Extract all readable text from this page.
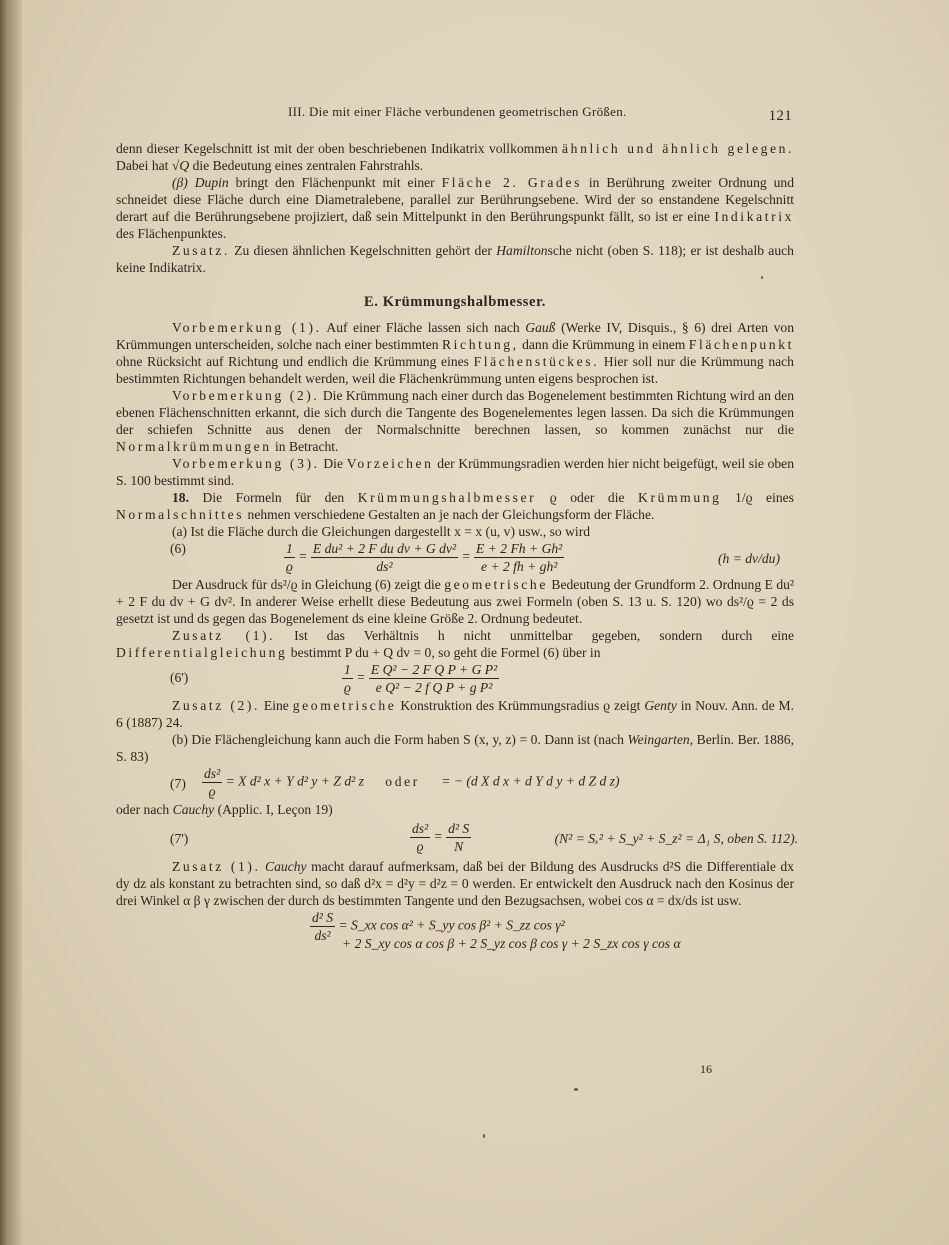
III. Die mit einer Fläche verbundenen geometrischen Größen.	121

denn dieser Kegelschnitt ist mit der oben beschriebenen Indikatrix vollkommen ähnlich und ähnlich gelegen. Dabei hat √Q die Bedeutung eines zentralen Fahrstrahls.

(β) Dupin bringt den Flächenpunkt mit einer Fläche 2. Grades in Berührung zweiter Ordnung und schneidet diese Fläche durch eine Diametralebene, parallel zur Berührungsebene. Wird der so enstandene Kegelschnitt derart auf die Berührungsebene projiziert, daß sein Mittelpunkt in den Berührungspunkt fällt, so ist er eine Indikatrix des Flächenpunktes.

Zusatz. Zu diesen ähnlichen Kegelschnitten gehört der Hamiltonsche nicht (oben S. 118); er ist deshalb auch keine Indikatrix.

E. Krümmungshalbmesser.

Vorbemerkung (1). Auf einer Fläche lassen sich nach Gauß (Werke IV, Disquis., § 6) drei Arten von Krümmungen unterscheiden, solche nach einer bestimmten Richtung, dann die Krümmung in einem Flächenpunkt ohne Rücksicht auf Richtung und endlich die Krümmung eines Flächenstückes. Hier soll nur die Krümmung nach bestimmten Richtungen behandelt werden, weil die Flächenkrümmung unten eigens besprochen ist.

Vorbemerkung (2). Die Krümmung nach einer durch das Bogenelement bestimmten Richtung wird an den ebenen Flächenschnitten erkannt, die sich durch die Tangente des Bogenelementes legen lassen. Da sich die Krümmungen der schiefen Schnitte aus denen der Normalschnitte berechnen lassen, so kommen zunächst nur die Normalkrümmungen in Betracht.

Vorbemerkung (3). Die Vorzeichen der Krümmungsradien werden hier nicht beigefügt, weil sie oben S. 100 bestimmt sind.

18. Die Formeln für den Krümmungshalbmesser ϱ oder die Krümmung 1/ϱ eines Normalschnittes nehmen verschiedene Gestalten an je nach der Gleichungsform der Fläche.

(a) Ist die Fläche durch die Gleichungen dargestellt x = x (u, v) usw., so wird

(6)	$\frac{1}{ϱ} = \frac{\text{E du² + 2 F du dv + G dv²}}{\text{ds²}} = \frac{\text{E + 2 Fh + Gh²}}{\text{e + 2 fh + gh²}}$	(h = dv/du)

Der Ausdruck für ds²/ϱ in Gleichung (6) zeigt die geometrische Bedeutung der Grundform 2. Ordnung E du² + 2 F du dv + G dv². In anderer Weise erhellt diese Bedeutung aus zwei Formeln (oben S. 13 u. S. 120) wo ds²/ϱ = 2 ds gesetzt ist und ds gegen das Bogenelement ds eine kleine Größe 2. Ordnung bedeutet.

Zusatz (1). Ist das Verhältnis h nicht unmittelbar gegeben, sondern durch eine Differentialgleichung bestimmt P du + Q dv = 0, so geht die Formel (6) über in

(6')	$\frac{1}{ϱ} = \frac{\text{E Q² − 2 F Q P + G P²}}{\text{e Q² − 2 f Q P + g P²}}$

Zusatz (2). Eine geometrische Konstruktion des Krümmungsradius ϱ zeigt Genty in Nouv. Ann. de M. 6 (1887) 24.

(b) Die Flächengleichung kann auch die Form haben S (x, y, z) = 0. Dann ist (nach Weingarten, Berlin. Ber. 1886, S. 83)

$(7) \frac{\text{ds²}}{ϱ} = X$ d² x + Y d² y + Z d² z oder = − (d X d x + d Y d y + d Z d z)

oder nach Cauchy (Applic. I, Leçon 19)

(7')	$\frac{\text{ds²}}{ϱ} = \frac{\text{d² S}}{N}$	(N² = Sₓ² + S_y² + S_z² = Δ₁ S, oben S. 112).

Zusatz (1). Cauchy macht darauf aufmerksam, daß bei der Bildung des Ausdrucks d²S die Differentiale dx dy dz als konstant zu betrachten sind, so daß d²x = d²y = d²z = 0 werden. Er entwickelt den Ausdruck nach den Kosinus der drei Winkel α β γ zwischen der durch ds bestimmten Tangente und den Bezugsachsen, wobei cos α = dx/ds ist usw.

$\frac{\text{d² S}}{\text{ds²}}$ = S_xx cos α² + S_yy cos β² + S_zz cos γ²
+ 2 S_xy cos α cos β + 2 S_yz cos β cos γ + 2 S_zx cos γ cos α
16
